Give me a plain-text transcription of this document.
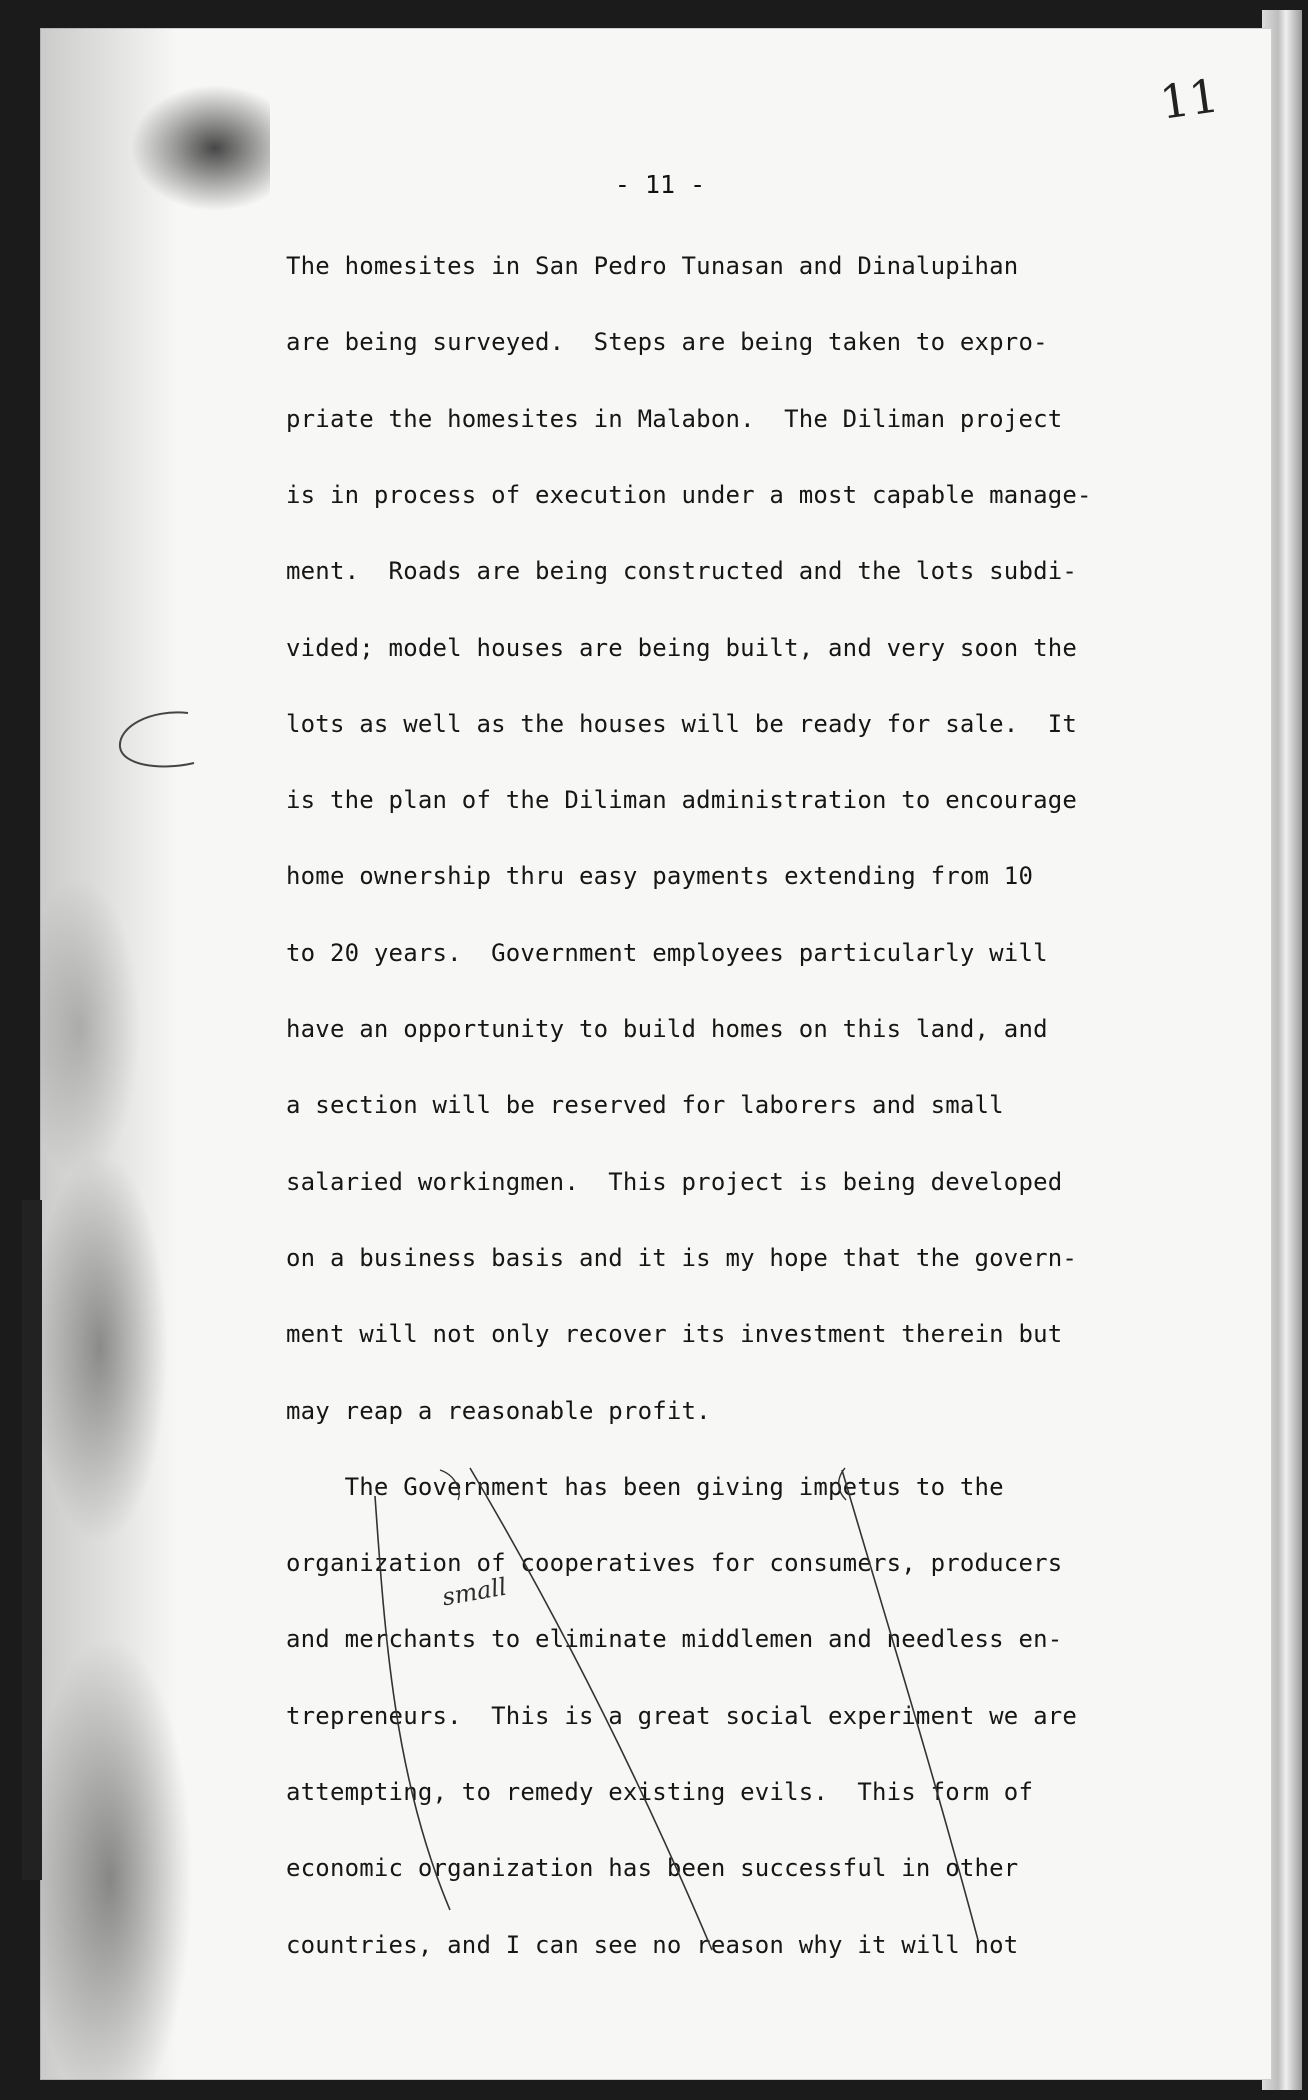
11
- 11 -
The homesites in San Pedro Tunasan and Dinalupihan
are being surveyed.  Steps are being taken to expro-
priate the homesites in Malabon.  The Diliman project
is in process of execution under a most capable manage-
ment.  Roads are being constructed and the lots subdi-
vided; model houses are being built, and very soon the
lots as well as the houses will be ready for sale.  It
is the plan of the Diliman administration to encourage
home ownership thru easy payments extending from 10
to 20 years.  Government employees particularly will
have an opportunity to build homes on this land, and
a section will be reserved for laborers and small
salaried workingmen.  This project is being developed
on a business basis and it is my hope that the govern-
ment will not only recover its investment therein but
may reap a reasonable profit.
The Government has been giving impetus to the
organization of cooperatives for consumers, producers
and merchants to eliminate middlemen and needless en-
trepreneurs.  This is a great social experiment we are
attempting, to remedy existing evils.  This form of
economic organization has been successful in other
countries, and I can see no reason why it will not
small
